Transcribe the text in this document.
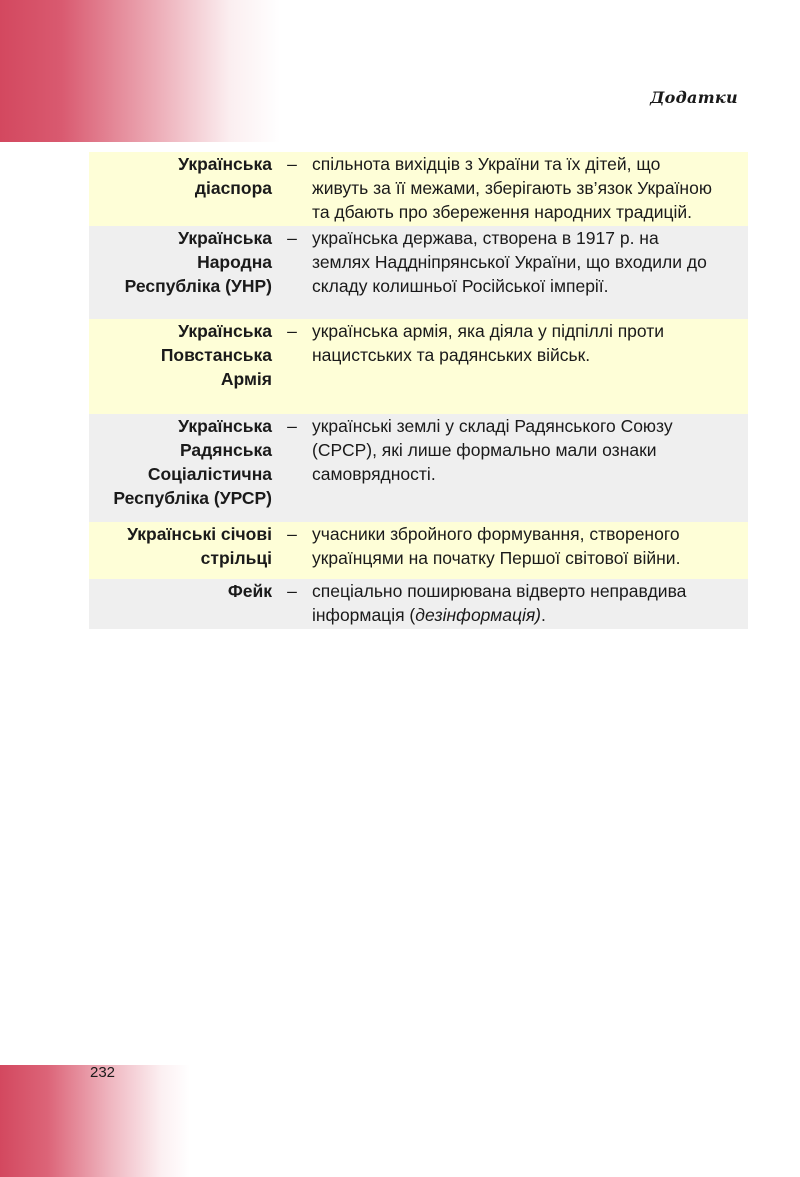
Додатки
Українська
діаспора
– спільнота вихідців з України та їх дітей, що
живуть за її межами, зберігають зв’язок Україною
та дбають про збереження народних традицій.
Українська
Народна
Республіка (УНР)
– українська держава, створена в 1917 р. на
землях Наддніпрянської України, що входили до
складу колишньої Російської імперії.
Українська
Повстанська
Армія
– українська армія, яка діяла у підпіллі проти
нацистських та радянських військ.
Українська
Радянська
Соціалістична
Республіка (УРСР)
– українські землі у складі Радянського Союзу
(СРСР), які лише формально мали ознаки
самоврядності.
Українські січові
стрільці
– учасники збройного формування, створеного
українцями на початку Першої світової війни.
Фейк – спеціально поширювана відверто неправдива
інформація (дезінформація).
232
